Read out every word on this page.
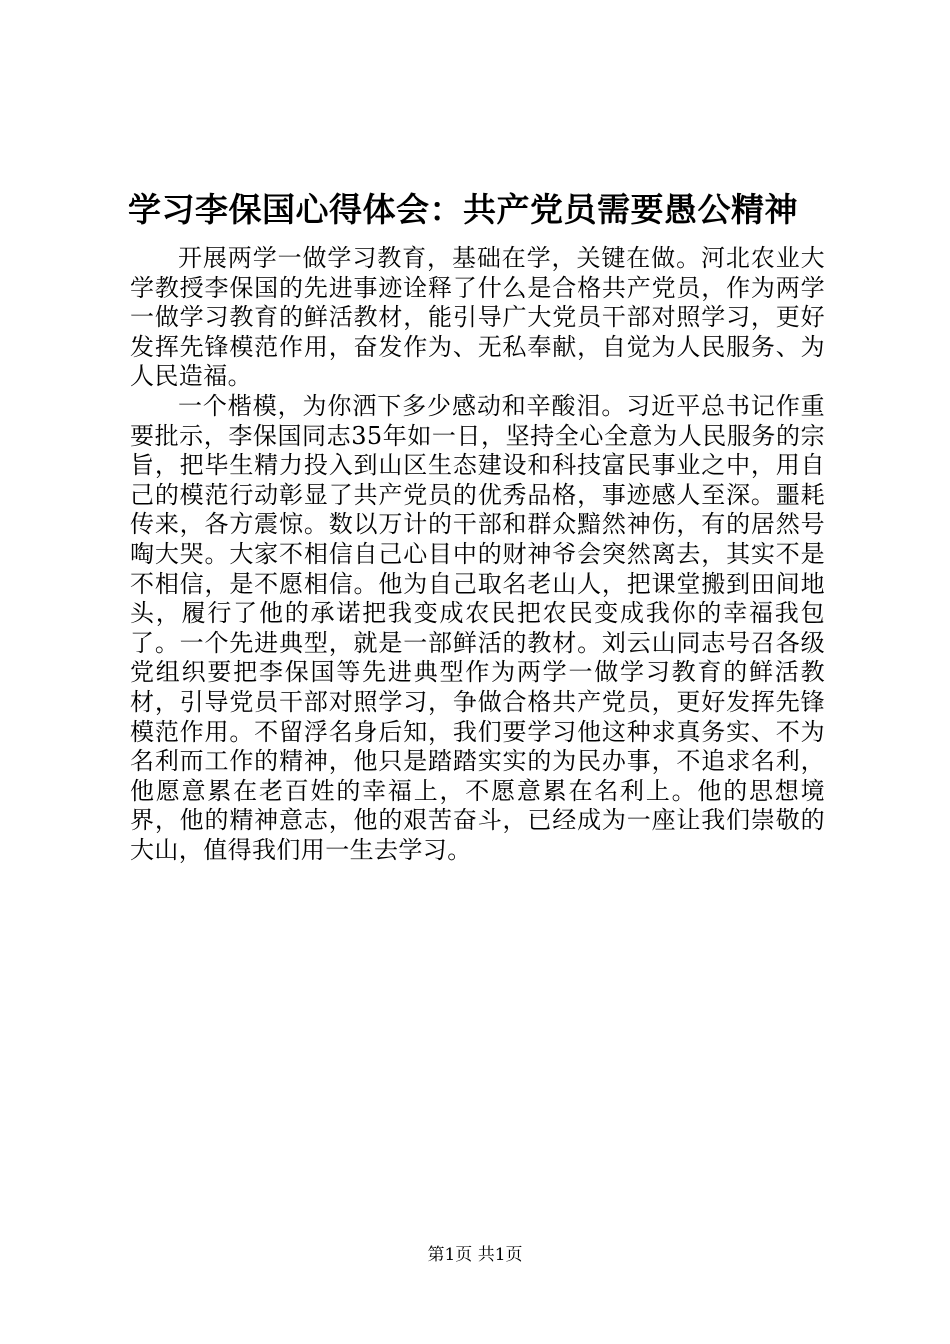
学习李保国心得体会：共产党员需要愚公精神

开展两学一做学习教育，基础在学，关键在做。河北农业大学教授李保国的先进事迹诠释了什么是合格共产党员，作为两学一做学习教育的鲜活教材，能引导广大党员干部对照学习，更好发挥先锋模范作用，奋发作为、无私奉献，自觉为人民服务、为人民造福。

一个楷模，为你洒下多少感动和辛酸泪。习近平总书记作重要批示，李保国同志35年如一日，坚持全心全意为人民服务的宗旨，把毕生精力投入到山区生态建设和科技富民事业之中，用自己的模范行动彰显了共产党员的优秀品格，事迹感人至深。噩耗传来，各方震惊。数以万计的干部和群众黯然神伤，有的居然号啕大哭。大家不相信自己心目中的财神爷会突然离去，其实不是不相信，是不愿相信。他为自己取名老山人，把课堂搬到田间地头，履行了他的承诺把我变成农民把农民变成我你的幸福我包了。一个先进典型，就是一部鲜活的教材。刘云山同志号召各级党组织要把李保国等先进典型作为两学一做学习教育的鲜活教材，引导党员干部对照学习，争做合格共产党员，更好发挥先锋模范作用。不留浮名身后知，我们要学习他这种求真务实、不为名利而工作的精神，他只是踏踏实实的为民办事，不追求名利，他愿意累在老百姓的幸福上，不愿意累在名利上。他的思想境界，他的精神意志，他的艰苦奋斗，已经成为一座让我们崇敬的大山，值得我们用一生去学习。

第1页 共1页
